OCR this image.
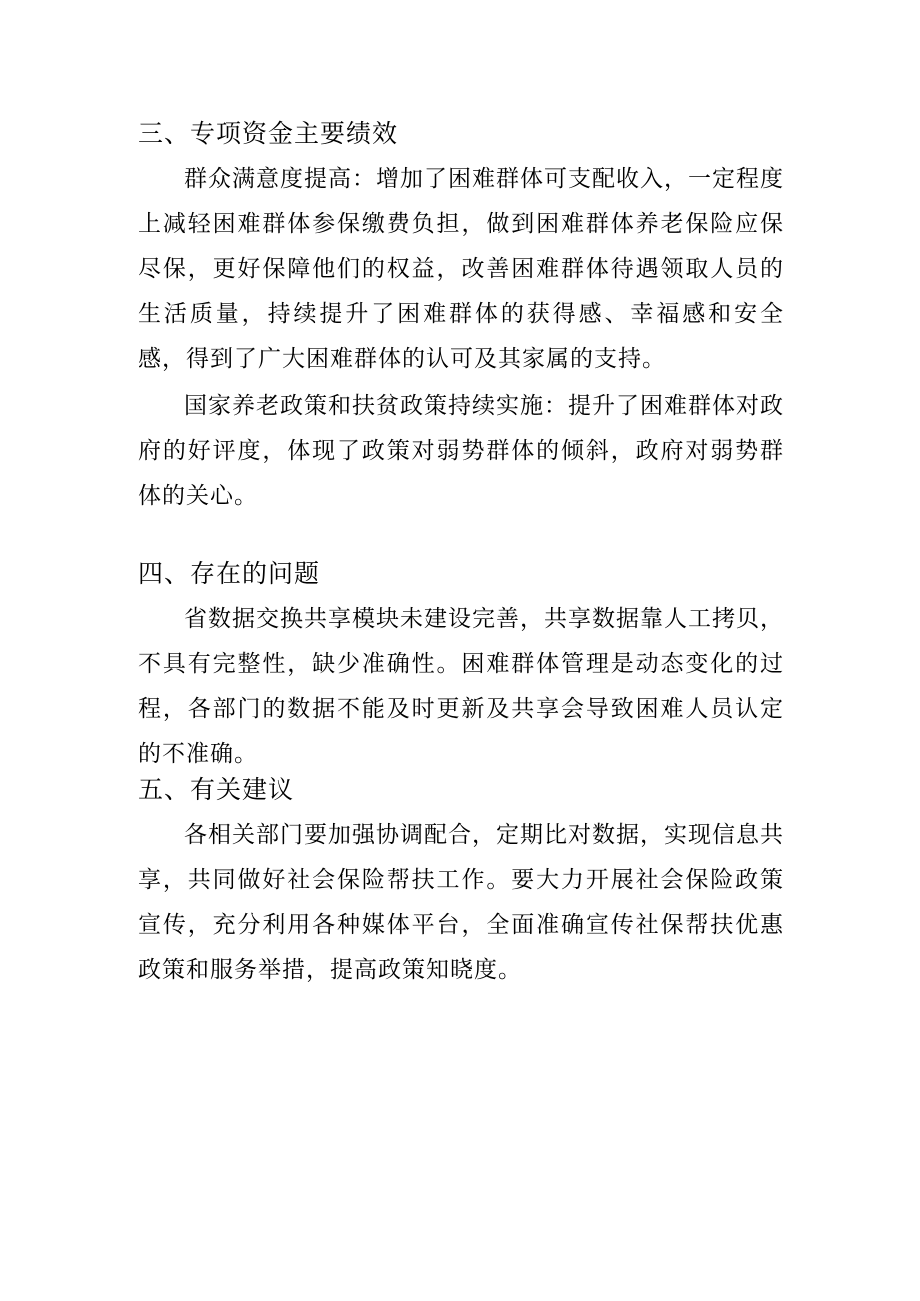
三、专项资金主要绩效

群众满意度提高：增加了困难群体可支配收入，一定程度上减轻困难群体参保缴费负担，做到困难群体养老保险应保尽保，更好保障他们的权益，改善困难群体待遇领取人员的生活质量，持续提升了困难群体的获得感、幸福感和安全感，得到了广大困难群体的认可及其家属的支持。

国家养老政策和扶贫政策持续实施：提升了困难群体对政府的好评度，体现了政策对弱势群体的倾斜，政府对弱势群体的关心。

四、存在的问题

省数据交换共享模块未建设完善，共享数据靠人工拷贝，不具有完整性，缺少准确性。困难群体管理是动态变化的过程，各部门的数据不能及时更新及共享会导致困难人员认定的不准确。

五、有关建议

各相关部门要加强协调配合，定期比对数据，实现信息共享，共同做好社会保险帮扶工作。要大力开展社会保险政策宣传，充分利用各种媒体平台，全面准确宣传社保帮扶优惠政策和服务举措，提高政策知晓度。
